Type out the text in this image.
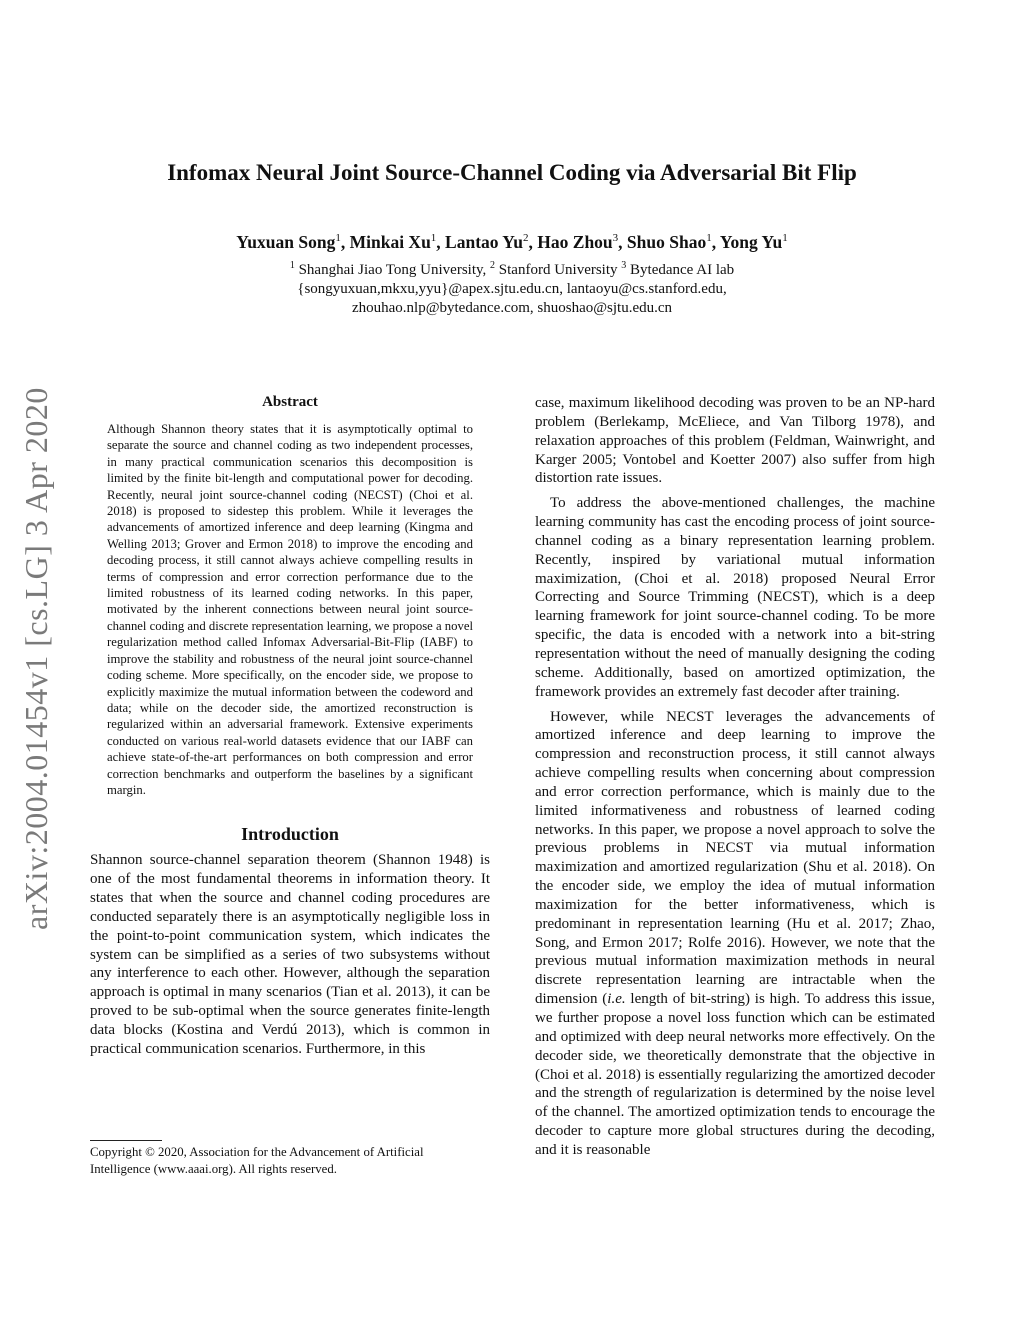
arXiv:2004.01454v1 [cs.LG] 3 Apr 2020
Infomax Neural Joint Source-Channel Coding via Adversarial Bit Flip
Yuxuan Song$^1$, Minkai Xu$^1$, Lantao Yu$^2$, Hao Zhou$^3$, Shuo Shao$^1$, Yong Yu$^1$
$^1$ Shanghai Jiao Tong University, $^2$ Stanford University $^3$ Bytedance AI lab
{songyuxuan,mkxu,yyu}@apex.sjtu.edu.cn, lantaoyu@cs.stanford.edu,
zhouhao.nlp@bytedance.com, shuoshao@sjtu.edu.cn
Abstract

Although Shannon theory states that it is asymptotically optimal to separate the source and channel coding as two independent processes, in many practical communication scenarios this decomposition is limited by the finite bit-length and computational power for decoding. Recently, neural joint source-channel coding (NECST) (Choi et al. 2018) is proposed to sidestep this problem. While it leverages the advancements of amortized inference and deep learning (Kingma and Welling 2013; Grover and Ermon 2018) to improve the encoding and decoding process, it still cannot always achieve compelling results in terms of compression and error correction performance due to the limited robustness of its learned coding networks. In this paper, motivated by the inherent connections between neural joint source-channel coding and discrete representation learning, we propose a novel regularization method called Infomax Adversarial-Bit-Flip (IABF) to improve the stability and robustness of the neural joint source-channel coding scheme. More specifically, on the encoder side, we propose to explicitly maximize the mutual information between the codeword and data; while on the decoder side, the amortized reconstruction is regularized within an adversarial framework. Extensive experiments conducted on various real-world datasets evidence that our IABF can achieve state-of-the-art performances on both compression and error correction benchmarks and outperform the baselines by a significant margin.

Introduction

Shannon source-channel separation theorem (Shannon 1948) is one of the most fundamental theorems in information theory. It states that when the source and channel coding procedures are conducted separately there is an asymptotically negligible loss in the point-to-point communication system, which indicates the system can be simplified as a series of two subsystems without any interference to each other. However, although the separation approach is optimal in many scenarios (Tian et al. 2013), it can be proved to be sub-optimal when the source generates finite-length data blocks (Kostina and Verdú 2013), which is common in practical communication scenarios. Furthermore, in this

Copyright © 2020, Association for the Advancement of Artificial
Intelligence (www.aaai.org). All rights reserved.

case, maximum likelihood decoding was proven to be an NP-hard problem (Berlekamp, McEliece, and Van Tilborg 1978), and relaxation approaches of this problem (Feldman, Wainwright, and Karger 2005; Vontobel and Koetter 2007) also suffer from high distortion rate issues.

To address the above-mentioned challenges, the machine learning community has cast the encoding process of joint source-channel coding as a binary representation learning problem. Recently, inspired by variational mutual information maximization, (Choi et al. 2018) proposed Neural Error Correcting and Source Trimming (NECST), which is a deep learning framework for joint source-channel coding. To be more specific, the data is encoded with a network into a bit-string representation without the need of manually designing the coding scheme. Additionally, based on amortized optimization, the framework provides an extremely fast decoder after training.

However, while NECST leverages the advancements of amortized inference and deep learning to improve the compression and reconstruction process, it still cannot always achieve compelling results when concerning about compression and error correction performance, which is mainly due to the limited informativeness and robustness of learned coding networks. In this paper, we propose a novel approach to solve the previous problems in NECST via mutual information maximization and amortized regularization (Shu et al. 2018). On the encoder side, we employ the idea of mutual information maximization for the better informativeness, which is predominant in representation learning (Hu et al. 2017; Zhao, Song, and Ermon 2017; Rolfe 2016). However, we note that the previous mutual information maximization methods in neural discrete representation learning are intractable when the dimension (i.e. length of bit-string) is high. To address this issue, we further propose a novel loss function which can be estimated and optimized with deep neural networks more effectively. On the decoder side, we theoretically demonstrate that the objective in (Choi et al. 2018) is essentially regularizing the amortized decoder and the strength of regularization is determined by the noise level of the channel. The amortized optimization tends to encourage the decoder to capture more global structures during the decoding, and it is reasonable
